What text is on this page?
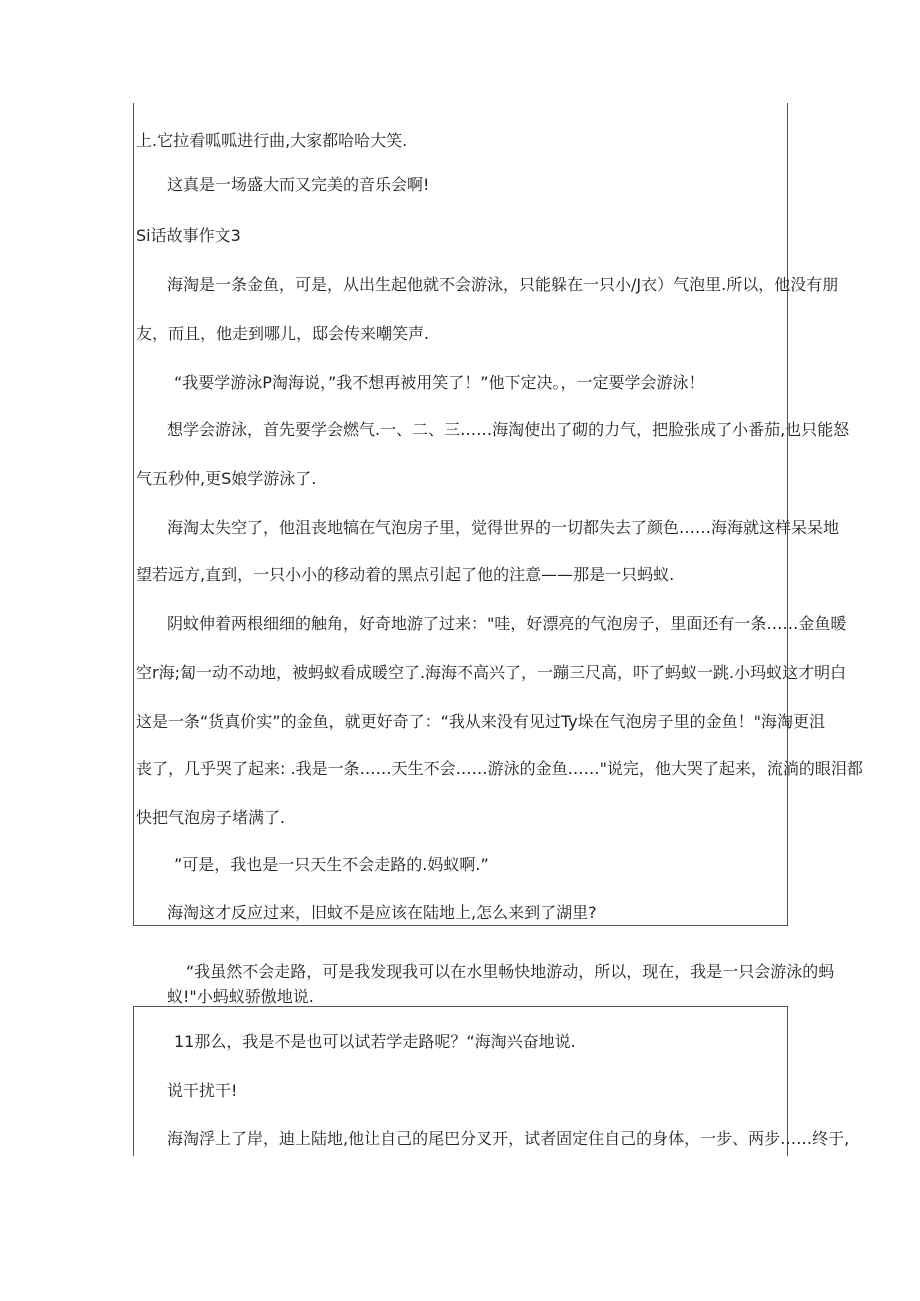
上.它拉看呱呱进行曲,大家都哈哈大笑.
这真是一场盛大而又完美的音乐会啊!
Si话故事作文3
海淘是一条金鱼，可是，从出生起他就不会游泳，只能躲在一只小/J衣）气泡里.所以，他没有朋
友，而且，他走到哪儿，邸会传来嘲笑声.
“我要学游泳P淘海说，”我不想再被用笑了！”他下定决。，一定要学会游泳！
想学会游泳，首先要学会燃气.一、二、三……海淘使出了砌的力气，把脸张成了小番茄,也只能怒
气五秒仲,更S娘学游泳了.
海淘太失空了，他沮丧地犒在气泡房子里，觉得世界的一切都失去了颜色……海海就这样呆呆地
望若远方,直到，一只小小的移动着的黑点引起了他的注意——那是一只蚂蚁.
阴蚊伸着两根细细的触角，好奇地游了过来："哇，好漂亮的气泡房子，里面还有一条……金鱼暖
空r海;匐一动不动地，被蚂蚁看成暖空了.海海不高兴了，一蹦三尺高，吓了蚂蚁一跳.小玛蚁这才明白
这是一条“货真价实”的金鱼，就更好奇了：“我从来没有见过Ty垛在气泡房子里的金鱼！"海淘更沮
丧了，几乎哭了起来: .我是一条……天生不会……游泳的金鱼……"说完，他大哭了起来，流淌的眼泪都
快把气泡房子堵满了.
”可是，我也是一只天生不会走路的.妈蚁啊.”
海淘这才反应过来，旧蚊不是应该在陆地上,怎么来到了湖里?
“我虽然不会走路，可是我发现我可以在水里畅快地游动，所以，现在，我是一只会游泳的蚂
蚁!"小蚂蚁骄傲地说.
11那么，我是不是也可以试若学走路呢？“海淘兴奋地说.
说干扰干!
海淘浮上了岸，迪上陆地,他让自己的尾巴分叉开，试者固定住自己的身体，一步、两步……终于,
